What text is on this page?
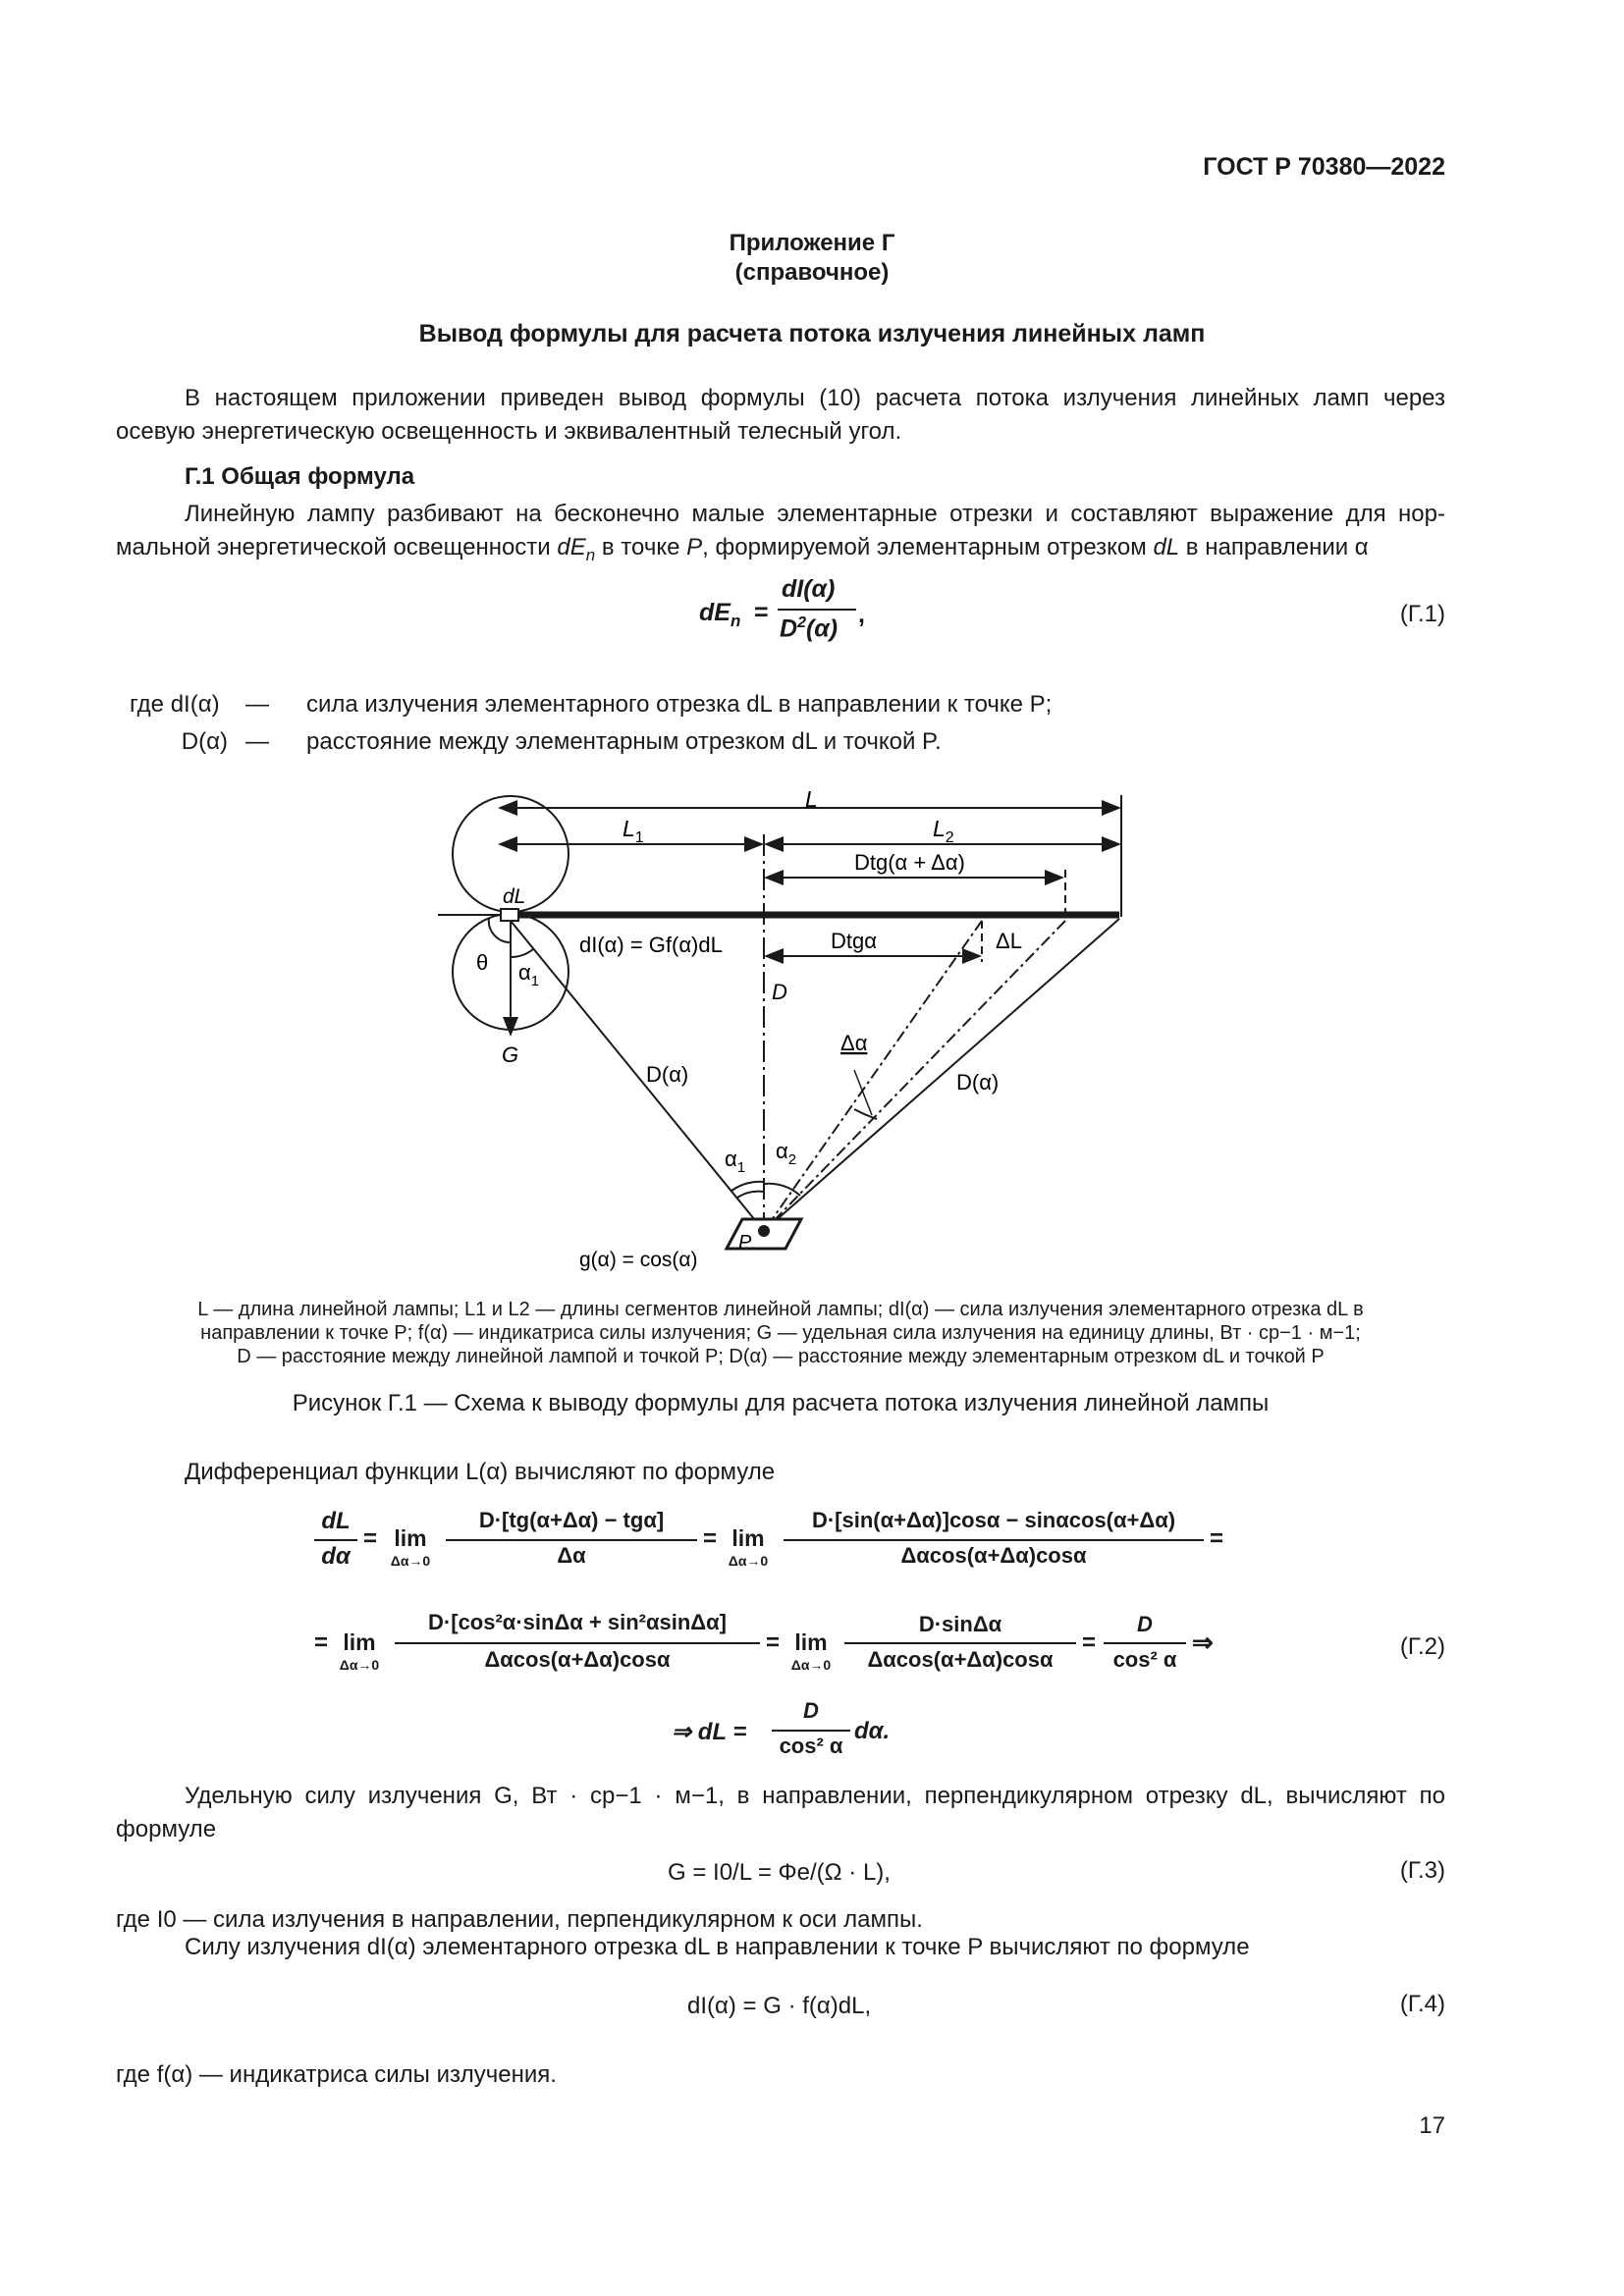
ГОСТ Р 70380—2022
Приложение Г
(справочное)
Вывод формулы для расчета потока излучения линейных ламп
В настоящем приложении приведен вывод формулы (10) расчета потока излучения линейных ламп через
осевую энергетическую освещенность и эквивалентный телесный угол.
Г.1 Общая формула
Линейную лампу разбивают на бесконечно малые элементарные отрезки и составляют выражение для нор-
мальной энергетической освещенности $dE_n$ в точке P, формируемой элементарным отрезком dL в направлении α
$dE_n$ =
dI(α)
$D^2(\alpha)$
,	(Г.1)
где dI(α)	—	сила излучения элементарного отрезка dL в направлении к точке P;
D(α) —	расстояние между элементарным отрезком dL и точкой P.
L
$L_1$	$L_2$
Dtg(α + Δα)
dL
dI(α) = Gf(α)dL	Dtgα	ΔL
θ $\alpha_1$	D
G
D(α)	D(α)
Δα
$\alpha_1$
$\alpha_2$
P
g(α) = cos(α)
L — длина линейной лампы; L1 и L2 — длины сегментов линейной лампы; dI(α) — сила излучения элементарного отрезка dL в
направлении к точке P; f(α) — индикатриса силы излучения; G — удельная сила излучения на единицу длины, Вт · ср−1 · м−1;
D — расстояние между линейной лампой и точкой P; D(α) — расстояние между элементарным отрезком dL и точкой P
Рисунок Г.1 — Схема к выводу формулы для расчета потока излучения линейной лампы
Дифференциал функции L(α) вычисляют по формуле
dL
dα
= lim
Δα→0
D·[tg(α+Δα) − tgα]
Δα
= lim
Δα→0
D·[sin(α+Δα)]cosα − sinαcos(α+Δα)
Δαcos(α+Δα)cosα
=
= lim
Δα→0
D·[cos²α·sinΔα + sin²αsinΔα]
Δαcos(α+Δα)cosα
= lim
Δα→0
D·sinΔα
Δαcos(α+Δα)cosα
=
D
cos² α
⇒
⇒ dL =
D
cos² α
dα.
(Г.2)
Удельную силу излучения G, Вт · ср−1 · м−1, в направлении, перпендикулярном отрезку dL, вычисляют по
формуле
G = I0/L = Φe/(Ω · L),	(Г.3)
где I0 — сила излучения в направлении, перпендикулярном к оси лампы.
Силу излучения dI(α) элементарного отрезка dL в направлении к точке P вычисляют по формуле
dI(α) = G · f(α)dL,	(Г.4)
где f(α) — индикатриса силы излучения.
17
